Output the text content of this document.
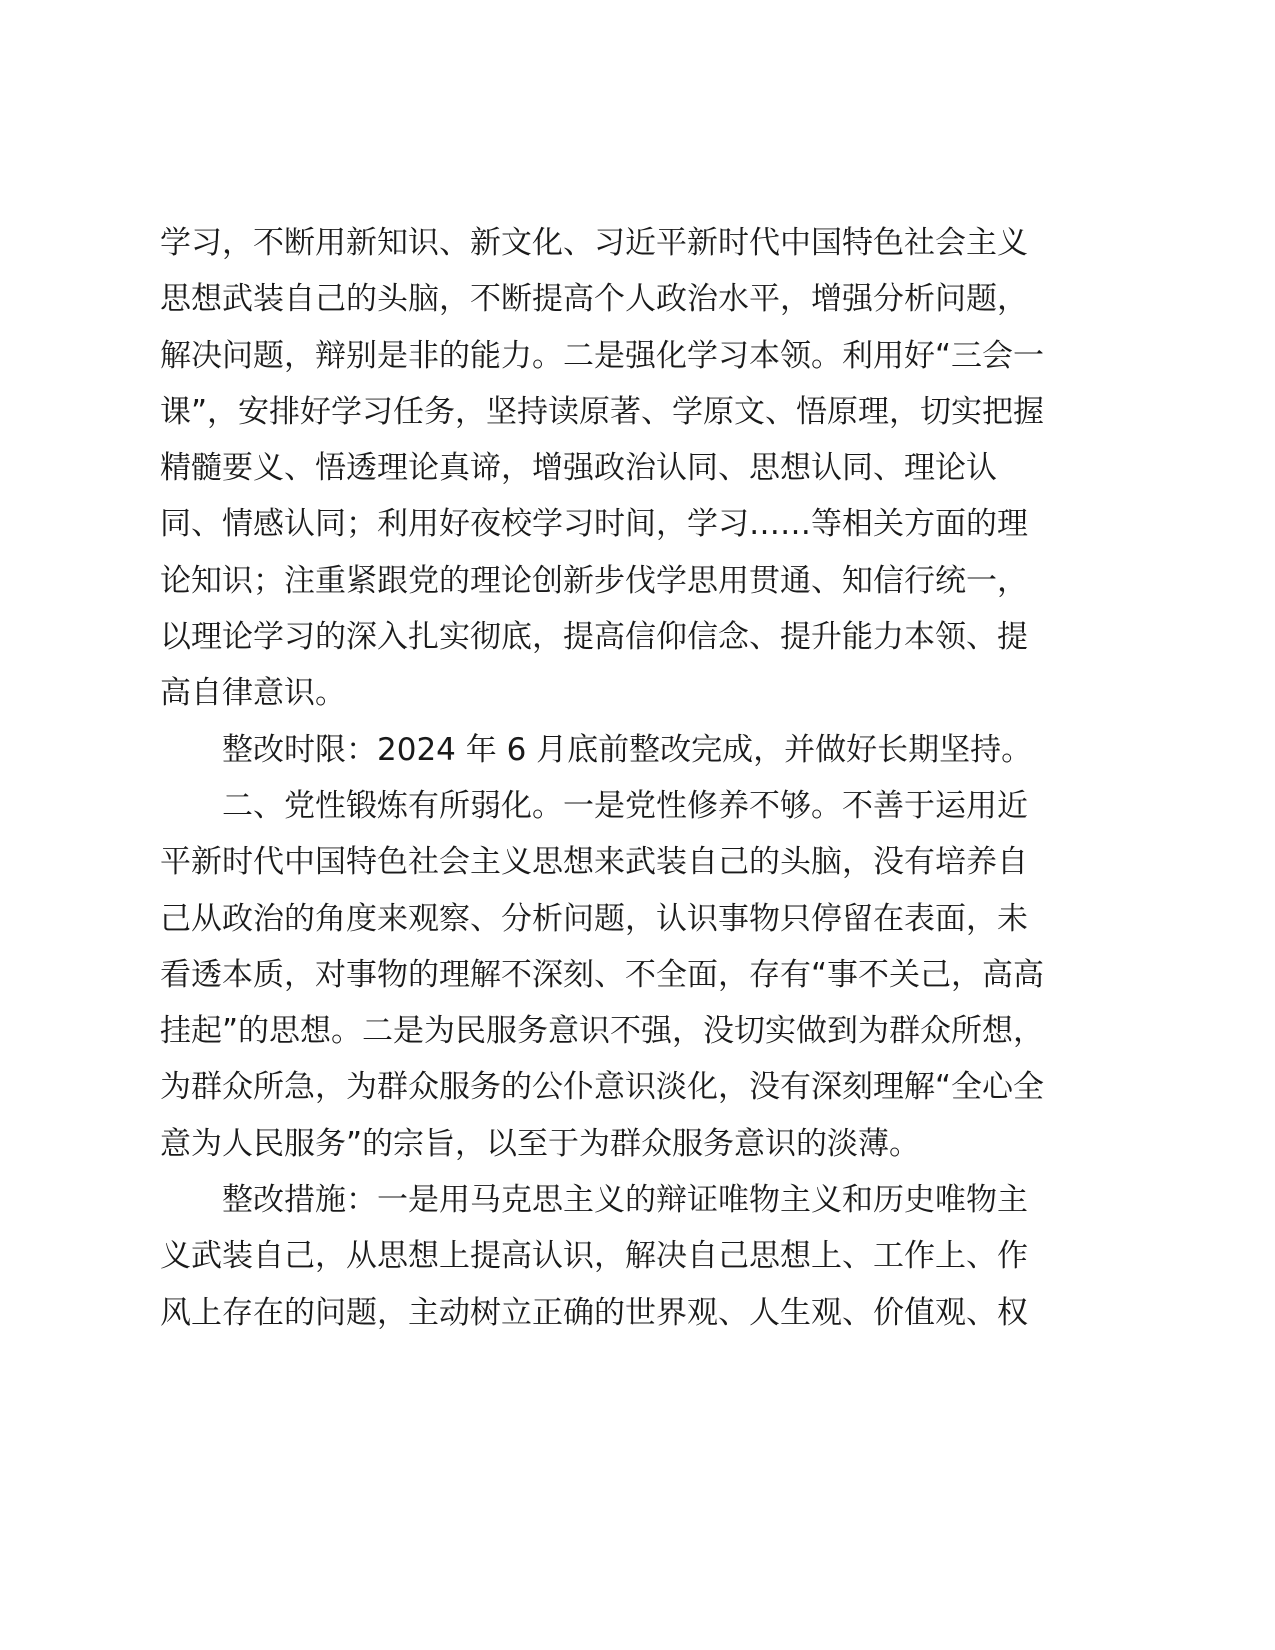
学习，不断用新知识、新文化、习近平新时代中国特色社会主义
思想武装自己的头脑，不断提高个人政治水平，增强分析问题，
解决问题，辩别是非的能力。二是强化学习本领。利用好“三会一
课”，安排好学习任务，坚持读原著、学原文、悟原理，切实把握
精髓要义、悟透理论真谛，增强政治认同、思想认同、理论认
同、情感认同；利用好夜校学习时间，学习……等相关方面的理
论知识；注重紧跟党的理论创新步伐学思用贯通、知信行统一，
以理论学习的深入扎实彻底，提高信仰信念、提升能力本领、提
高自律意识。
整改时限：2024 年 6 月底前整改完成，并做好长期坚持。
二、党性锻炼有所弱化。一是党性修养不够。不善于运用近
平新时代中国特色社会主义思想来武装自己的头脑，没有培养自
己从政治的角度来观察、分析问题，认识事物只停留在表面，未
看透本质，对事物的理解不深刻、不全面，存有“事不关己，高高
挂起”的思想。二是为民服务意识不强，没切实做到为群众所想，
为群众所急，为群众服务的公仆意识淡化，没有深刻理解“全心全
意为人民服务”的宗旨，以至于为群众服务意识的淡薄。
整改措施：一是用马克思主义的辩证唯物主义和历史唯物主
义武装自己，从思想上提高认识，解决自己思想上、工作上、作
风上存在的问题，主动树立正确的世界观、人生观、价值观、权
